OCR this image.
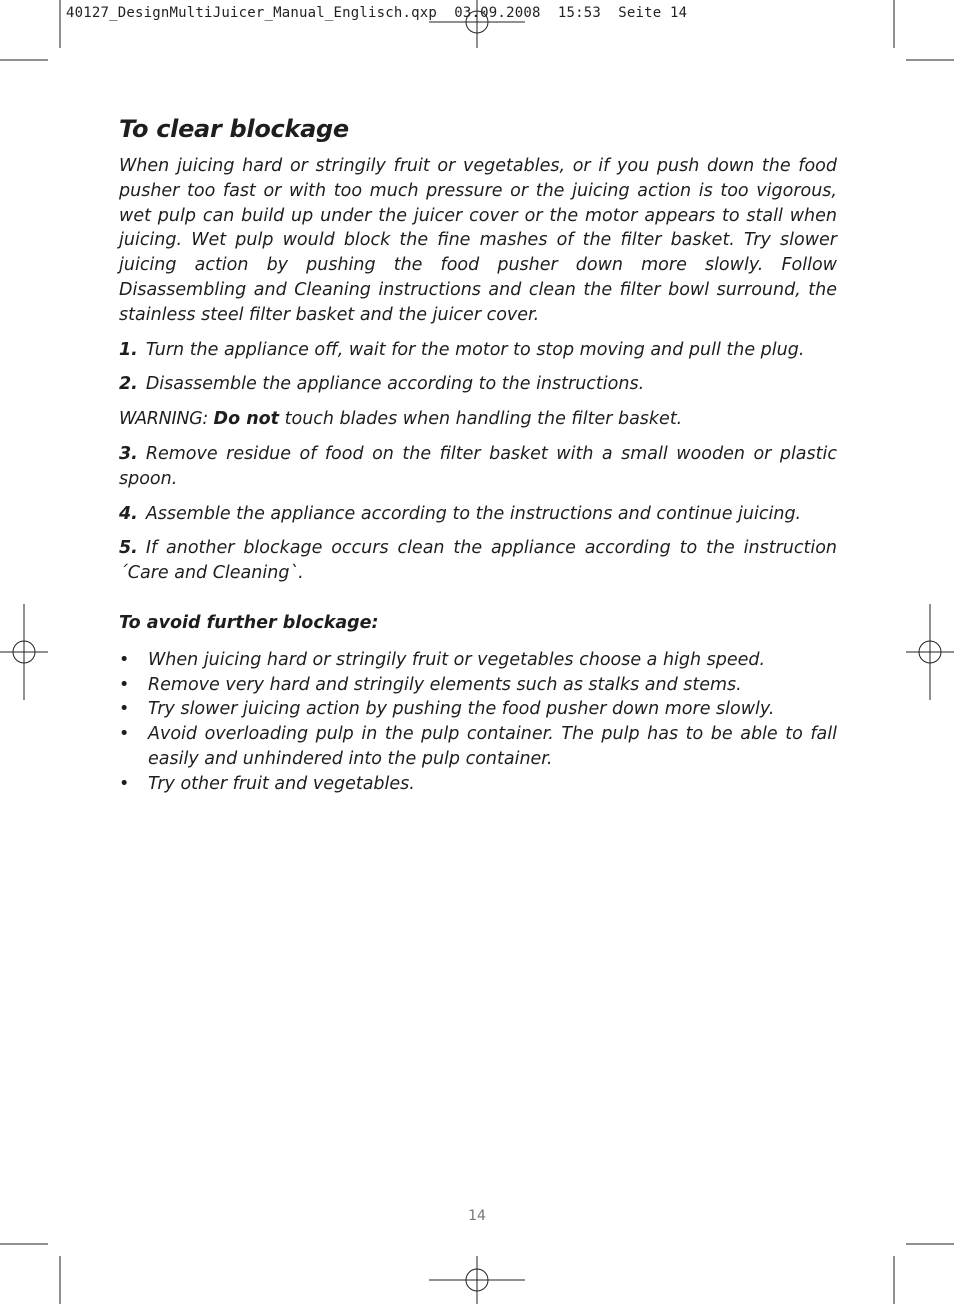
40127_DesignMultiJuicer_Manual_Englisch.qxp  03.09.2008  15:53  Seite 14
To clear blockage

When juicing hard or stringily fruit or vegetables, or if you push down the food pusher too fast or with too much pressure or the juicing action is too vigorous, wet pulp can build up under the juicer cover or the motor appears to stall when juicing. Wet pulp would block the fine mashes of the filter basket. Try slower juicing action by pushing the food pusher down more slowly. Follow Disassembling and Cleaning instructions and clean the filter bowl surround, the stainless steel filter basket and the juicer cover.

1. Turn the appliance off, wait for the motor to stop moving and pull the plug.

2. Disassemble the appliance according to the instructions.

WARNING: Do not touch blades when handling the filter basket.

3. Remove residue of food on the filter basket with a small wooden or plastic spoon.

4. Assemble the appliance according to the instructions and continue juicing.

5. If another blockage occurs clean the appliance according to the instruction ´Care and Cleaning`.

To avoid further blockage:

• When juicing hard or stringily fruit or vegetables choose a high speed.
• Remove very hard and stringily elements such as stalks and stems.
• Try slower juicing action by pushing the food pusher down more slowly.
• Avoid overloading pulp in the pulp container. The pulp has to be able to fall easily and unhindered into the pulp container.
• Try other fruit and vegetables.
14
